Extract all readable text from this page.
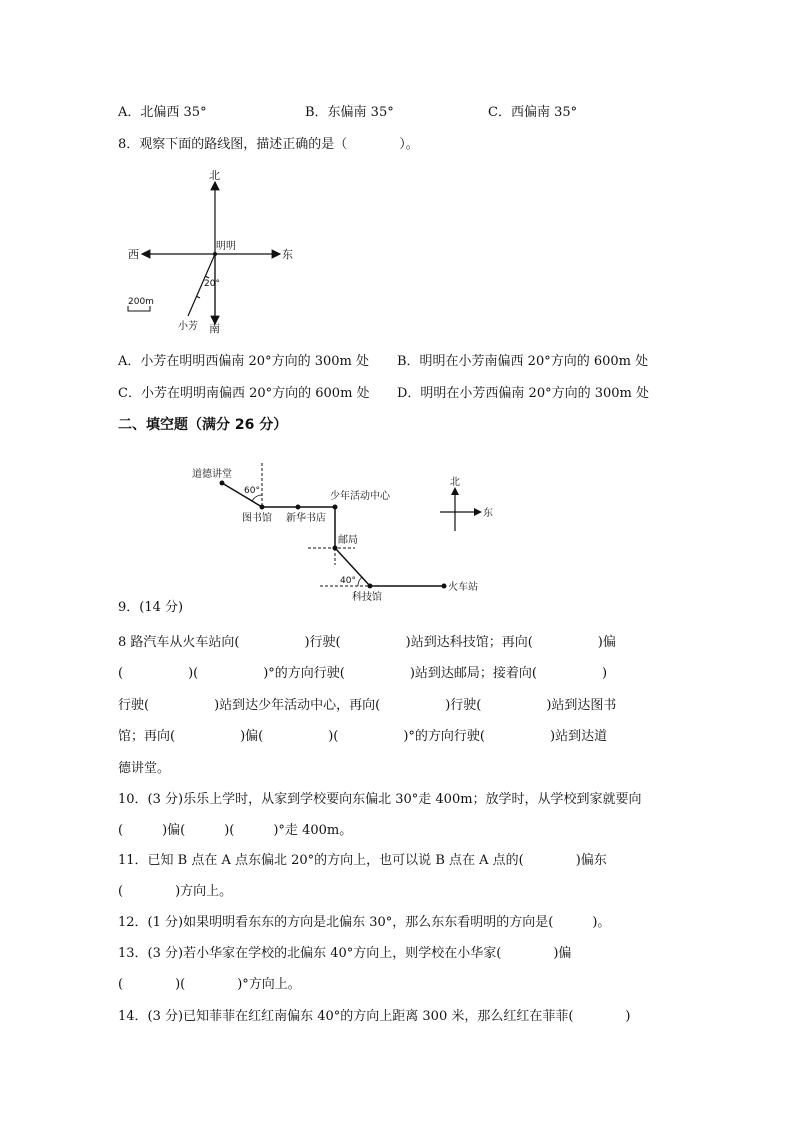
A．北偏西 35°	B．东偏南 35°	C．西偏南 35°
8．观察下面的路线图，描述正确的是（　　　　）。
200m
北
南
东
西
明明
20°
小芳
A．小芳在明明西偏南 20°方向的 300m 处 B．明明在小芳南偏西 20°方向的 600m 处
C．小芳在明明南偏西 20°方向的 600m 处 D．明明在小芳西偏南 20°方向的 300m 处
二、填空题（满分 26 分）
道德讲堂
60°
图书馆 新华书店
少年活动中心
邮局
40°
科技馆
火车站
北
东
9．(14 分)
8 路汽车从火车站向(　　　　　)行驶(　　　　　)站到达科技馆；再向(　　　　　)偏
(　　　　　)(　　　　　)°的方向行驶(　　　　　)站到达邮局；接着向(　　　　　)
行驶(　　　　　)站到达少年活动中心，再向(　　　　　)行驶(　　　　　)站到达图书
馆；再向(　　　　　)偏(　　　　　)(　　　　　)°的方向行驶(　　　　　)站到达道
德讲堂。
10．(3 分)乐乐上学时，从家到学校要向东偏北 30°走 400m；放学时，从学校到家就要向
(　　　)偏(　　　)(　　　)°走 400m。
11．已知 B 点在 A 点东偏北 20°的方向上，也可以说 B 点在 A 点的(　　　　)偏东
(　　　　)方向上。
12．(1 分)如果明明看东东的方向是北偏东 30°，那么东东看明明的方向是(　　　)。
13．(3 分)若小华家在学校的北偏东 40°方向上，则学校在小华家(　　　　)偏
(　　　　)(　　　　)°方向上。
14．(3 分)已知菲菲在红红南偏东 40°的方向上距离 300 米，那么红红在菲菲(　　　　)
